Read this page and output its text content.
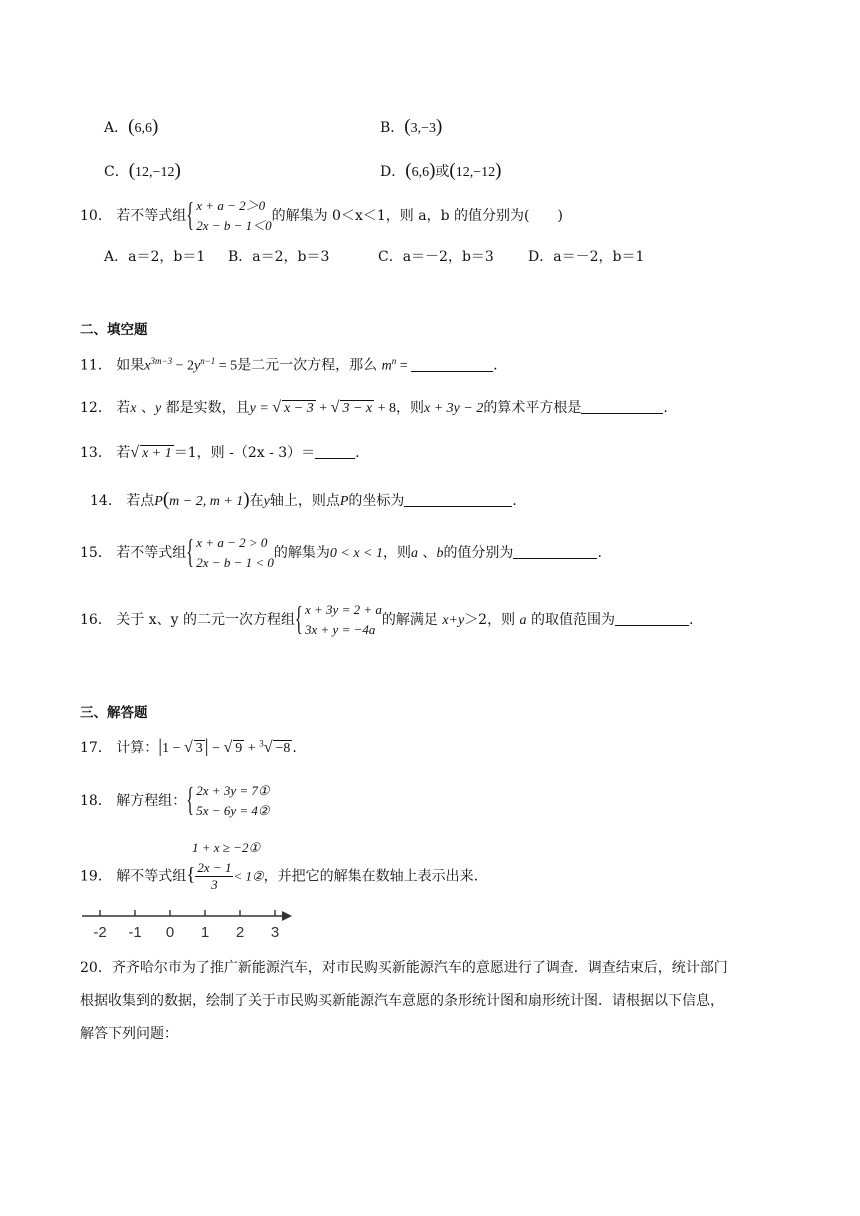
A．(6,6)	B．(3,−3)
C．(12,−12)	D．(6,6)或(12,−12)
10． 若不等式组 { x + a − 2＞0
2x − b − 1＜0
的解集为 0＜x＜1，则 a，b 的值分别为(　　)
A．a＝2，b＝1 B．a＝2，b＝3	C．a＝－2，b＝3 D．a＝－2，b＝1
二、填空题
11． 如果$x^{3m-3} - 2y^{n-1} = 5$是二元一次方程，那么 $m^n$ =	.
12． 若x 、y 都是实数，且y = √ x − 3 + √ 3 − x + 8，则x + 3y − 2的算术平方根是	.
13． 若√ x + 1 ＝1，则 -（2x - 3）＝	.
14． 若点P(m − 2, m + 1)在y轴上，则点P的坐标为	.
15． 若不等式组 { x + a − 2 > 0
2x − b − 1 < 0
的解集为0 < x < 1，则a 、b的值分别为	.
16． 关于 x、y 的二元一次方程组 { x + 3y = 2 + a
3x + y = −4a
的解满足 x+y＞2，则 a 的取值范围为	.
三、解答题
17． 计算：|1 − √ 3 | − √ 9 + $^3$√ −8 .
18． 解方程组： { 2x + 3y = 7①
5x − 6y = 4②
1 + x ≥ −2①
19． 解不等式组{ $\frac{2x - 1}{3}$ < 1②，并把它的解集在数轴上表示出来.
-2 -1 0 1 2 3
20．齐齐哈尔市为了推广新能源汽车，对市民购买新能源汽车的意愿进行了调查．调查结束后，统计部门
根据收集到的数据，绘制了关于市民购买新能源汽车意愿的条形统计图和扇形统计图．请根据以下信息，
解答下列问题：
